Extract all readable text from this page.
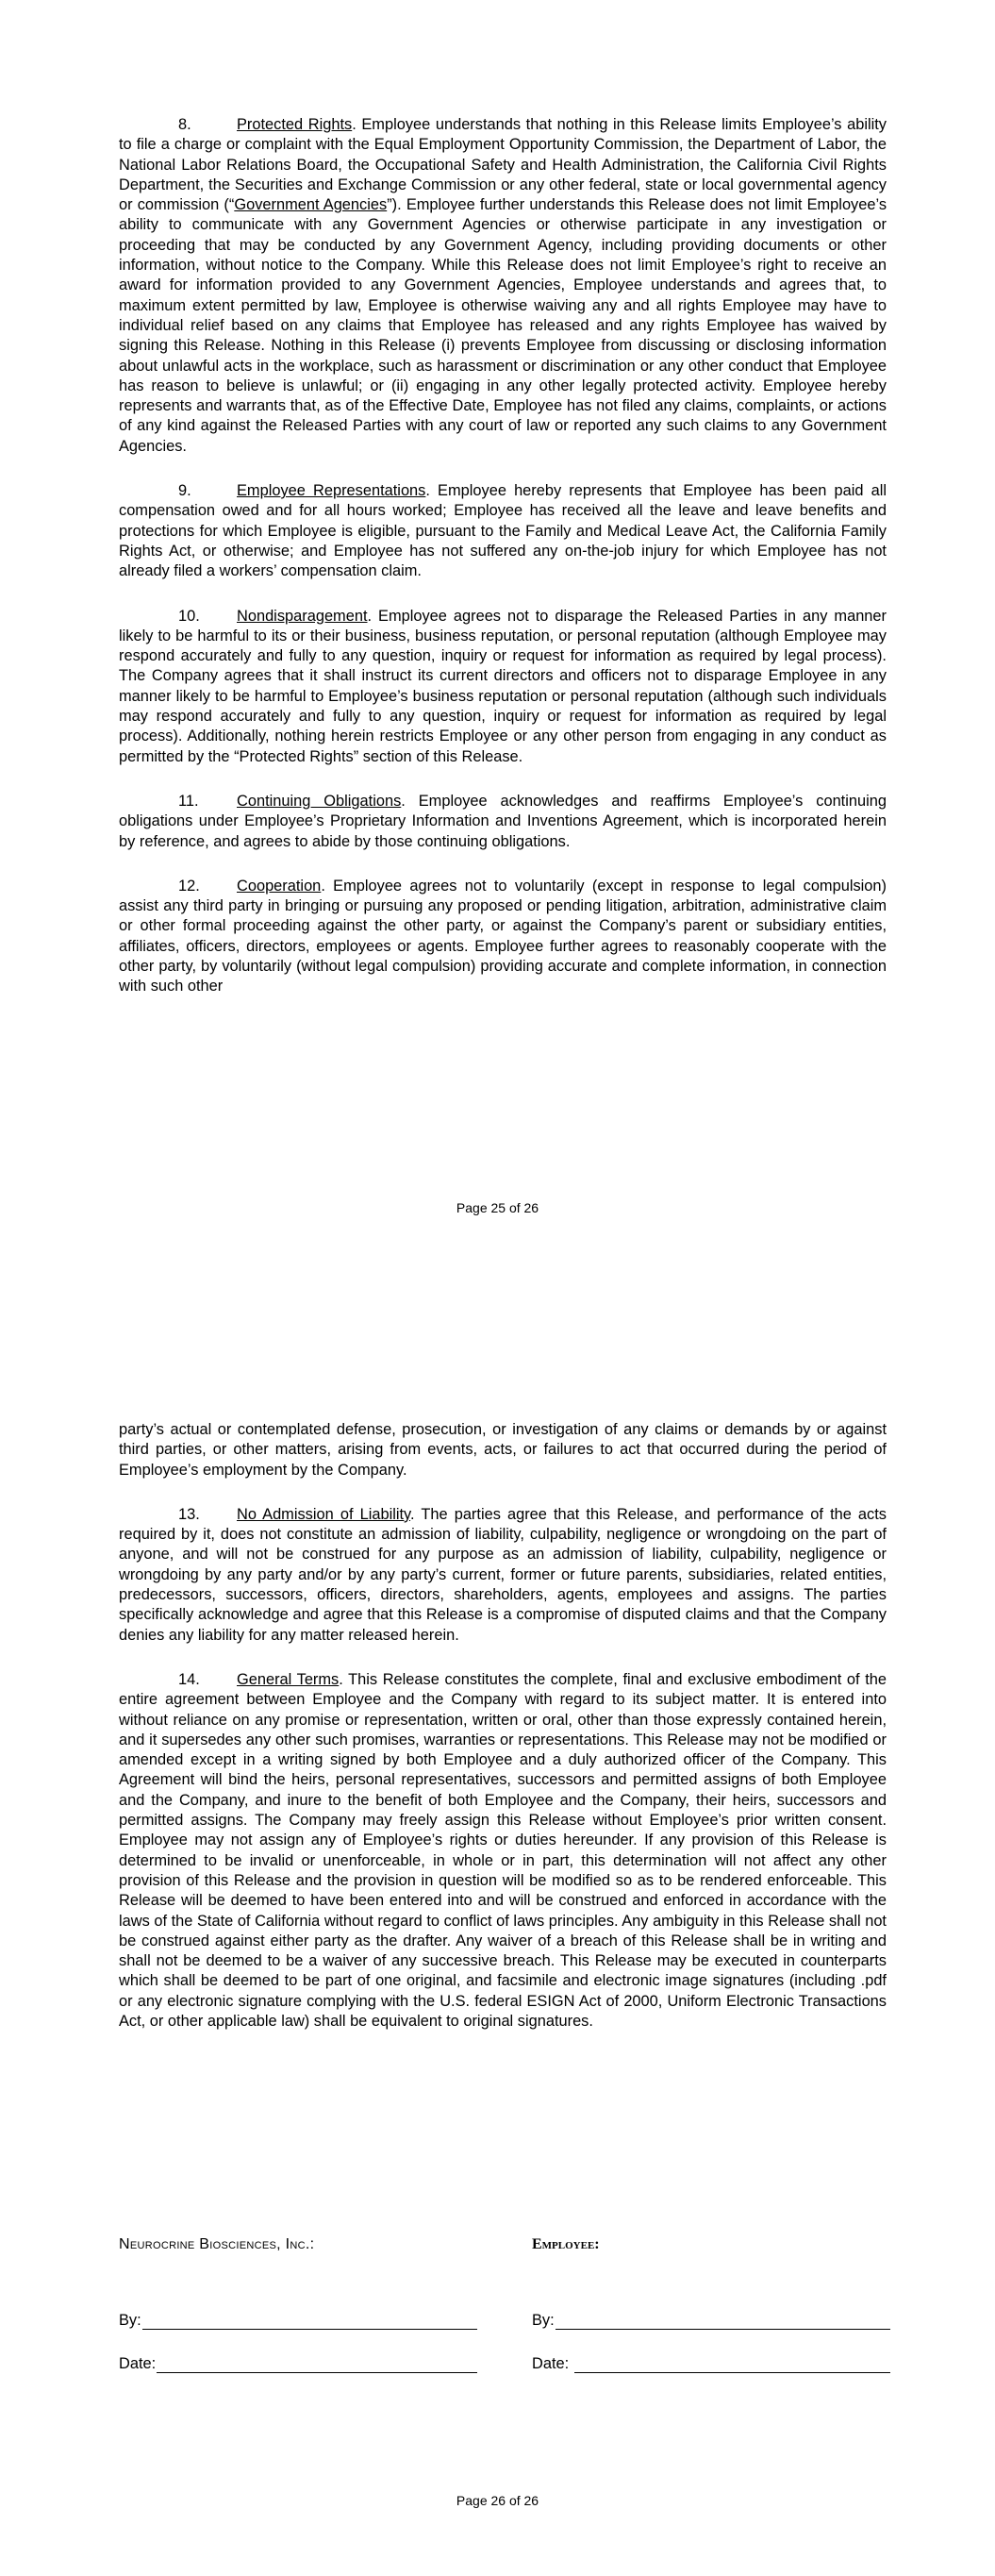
8.	Protected Rights. Employee understands that nothing in this Release limits Employee’s ability to file a charge or complaint with the Equal Employment Opportunity Commission, the Department of Labor, the National Labor Relations Board, the Occupational Safety and Health Administration, the California Civil Rights Department, the Securities and Exchange Commission or any other federal, state or local governmental agency or commission (“Government Agencies”). Employee further understands this Release does not limit Employee’s ability to communicate with any Government Agencies or otherwise participate in any investigation or proceeding that may be conducted by any Government Agency, including providing documents or other information, without notice to the Company. While this Release does not limit Employee’s right to receive an award for information provided to any Government Agencies, Employee understands and agrees that, to maximum extent permitted by law, Employee is otherwise waiving any and all rights Employee may have to individual relief based on any claims that Employee has released and any rights Employee has waived by signing this Release. Nothing in this Release (i) prevents Employee from discussing or disclosing information about unlawful acts in the workplace, such as harassment or discrimination or any other conduct that Employee has reason to believe is unlawful; or (ii) engaging in any other legally protected activity. Employee hereby represents and warrants that, as of the Effective Date, Employee has not filed any claims, complaints, or actions of any kind against the Released Parties with any court of law or reported any such claims to any Government Agencies.

9.	Employee Representations. Employee hereby represents that Employee has been paid all compensation owed and for all hours worked; Employee has received all the leave and leave benefits and protections for which Employee is eligible, pursuant to the Family and Medical Leave Act, the California Family Rights Act, or otherwise; and Employee has not suffered any on-the-job injury for which Employee has not already filed a workers’ compensation claim.

10. Nondisparagement. Employee agrees not to disparage the Released Parties in any manner likely to be harmful to its or their business, business reputation, or personal reputation (although Employee may respond accurately and fully to any question, inquiry or request for information as required by legal process). The Company agrees that it shall instruct its current directors and officers not to disparage Employee in any manner likely to be harmful to Employee’s business reputation or personal reputation (although such individuals may respond accurately and fully to any question, inquiry or request for information as required by legal process). Additionally, nothing herein restricts Employee or any other person from engaging in any conduct as permitted by the “Protected Rights” section of this Release.

11. Continuing Obligations. Employee acknowledges and reaffirms Employee’s continuing obligations under Employee’s Proprietary Information and Inventions Agreement, which is incorporated herein by reference, and agrees to abide by those continuing obligations.

12. Cooperation. Employee agrees not to voluntarily (except in response to legal compulsion) assist any third party in bringing or pursuing any proposed or pending litigation, arbitration, administrative claim or other formal proceeding against the other party, or against the Company’s parent or subsidiary entities, affiliates, officers, directors, employees or agents. Employee further agrees to reasonably cooperate with the other party, by voluntarily (without legal compulsion) providing accurate and complete information, in connection with such other

Page 25 of 26

party’s actual or contemplated defense, prosecution, or investigation of any claims or demands by or against third parties, or other matters, arising from events, acts, or failures to act that occurred during the period of Employee’s employment by the Company.

13. No Admission of Liability. The parties agree that this Release, and performance of the acts required by it, does not constitute an admission of liability, culpability, negligence or wrongdoing on the part of anyone, and will not be construed for any purpose as an admission of liability, culpability, negligence or wrongdoing by any party and/or by any party’s current, former or future parents, subsidiaries, related entities, predecessors, successors, officers, directors, shareholders, agents, employees and assigns. The parties specifically acknowledge and agree that this Release is a compromise of disputed claims and that the Company denies any liability for any matter released herein.

14. General Terms. This Release constitutes the complete, final and exclusive embodiment of the entire agreement between Employee and the Company with regard to its subject matter. It is entered into without reliance on any promise or representation, written or oral, other than those expressly contained herein, and it supersedes any other such promises, warranties or representations. This Release may not be modified or amended except in a writing signed by both Employee and a duly authorized officer of the Company. This Agreement will bind the heirs, personal representatives, successors and permitted assigns of both Employee and the Company, and inure to the benefit of both Employee and the Company, their heirs, successors and permitted assigns. The Company may freely assign this Release without Employee’s prior written consent. Employee may not assign any of Employee’s rights or duties hereunder. If any provision of this Release is determined to be invalid or unenforceable, in whole or in part, this determination will not affect any other provision of this Release and the provision in question will be modified so as to be rendered enforceable. This Release will be deemed to have been entered into and will be construed and enforced in accordance with the laws of the State of California without regard to conflict of laws principles. Any ambiguity in this Release shall not be construed against either party as the drafter. Any waiver of a breach of this Release shall be in writing and shall not be deemed to be a waiver of any successive breach. This Release may be executed in counterparts which shall be deemed to be part of one original, and facsimile and electronic image signatures (including .pdf or any electronic signature complying with the U.S. federal ESIGN Act of 2000, Uniform Electronic Transactions Act, or other applicable law) shall be equivalent to original signatures.

Neurocrine Biosciences, Inc.:
By:
Date:
Employee:
By:
Date:
Page 26 of 26
